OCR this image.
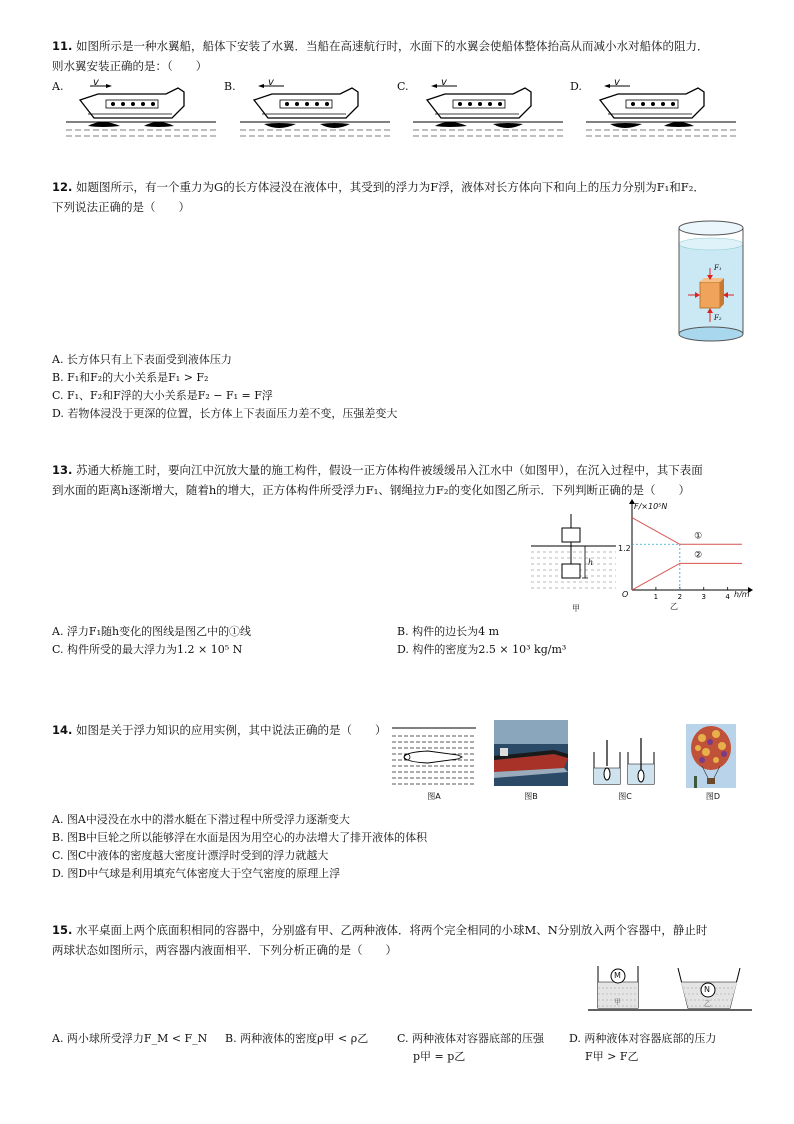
11. 如图所示是一种水翼船，船体下安装了水翼．当船在高速航行时，水面下的水翼会使船体整体抬高从而减小水对船体的阻力．
则水翼安装正确的是：（　　）
A.	B.	C.	D.
v	v	v	v
12. 如题图所示，有一个重力为G的长方体浸没在液体中，其受到的浮力为F浮，液体对长方体向下和向上的压力分别为F₁和F₂．
下列说法正确的是（　　）
F₁
F₂
A. 长方体只有上下表面受到液体压力
B. F₁和F₂的大小关系是F₁ > F₂
C. F₁、F₂和F浮的大小关系是F₂ − F₁ = F浮
D. 若物体浸没于更深的位置，长方体上下表面压力差不变，压强差变大
13. 苏通大桥施工时，要向江中沉放大量的施工构件，假设一正方体构件被缓缓吊入江水中（如图甲），在沉入过程中，其下表面
到水面的距离h逐渐增大，随着h的增大，正方体构件所受浮力F₁、钢绳拉力F₂的变化如图乙所示．下列判断正确的是（　　）
h
甲
1	2	3	4
①
②
F/×10⁵N
h/m
O
1.2
乙
A. 浮力F₁随h变化的图线是图乙中的①线	B. 构件的边长为4 m
C. 构件所受的最大浮力为1.2 × 10⁵ N	D. 构件的密度为2.5 × 10³ kg/m³
14. 如图是关于浮力知识的应用实例，其中说法正确的是（　　）
图A	图B	图C	图D
A. 图A中浸没在水中的潜水艇在下潜过程中所受浮力逐渐变大
B. 图B中巨轮之所以能够浮在水面是因为用空心的办法增大了排开液体的体积
C. 图C中液体的密度越大密度计漂浮时受到的浮力就越大
D. 图D中气球是利用填充气体密度大于空气密度的原理上浮
15. 水平桌面上两个底面积相同的容器中，分别盛有甲、乙两种液体．将两个完全相同的小球M、N分别放入两个容器中，静止时
两球状态如图所示，两容器内液面相平．下列分析正确的是（　　）
M
N
甲	乙
A. 两小球所受浮力F_M < F_N	B. 两种液体的密度ρ甲 < ρ乙	C. 两种液体对容器底部的压强
p甲 = p乙
D. 两种液体对容器底部的压力
F甲 > F乙
